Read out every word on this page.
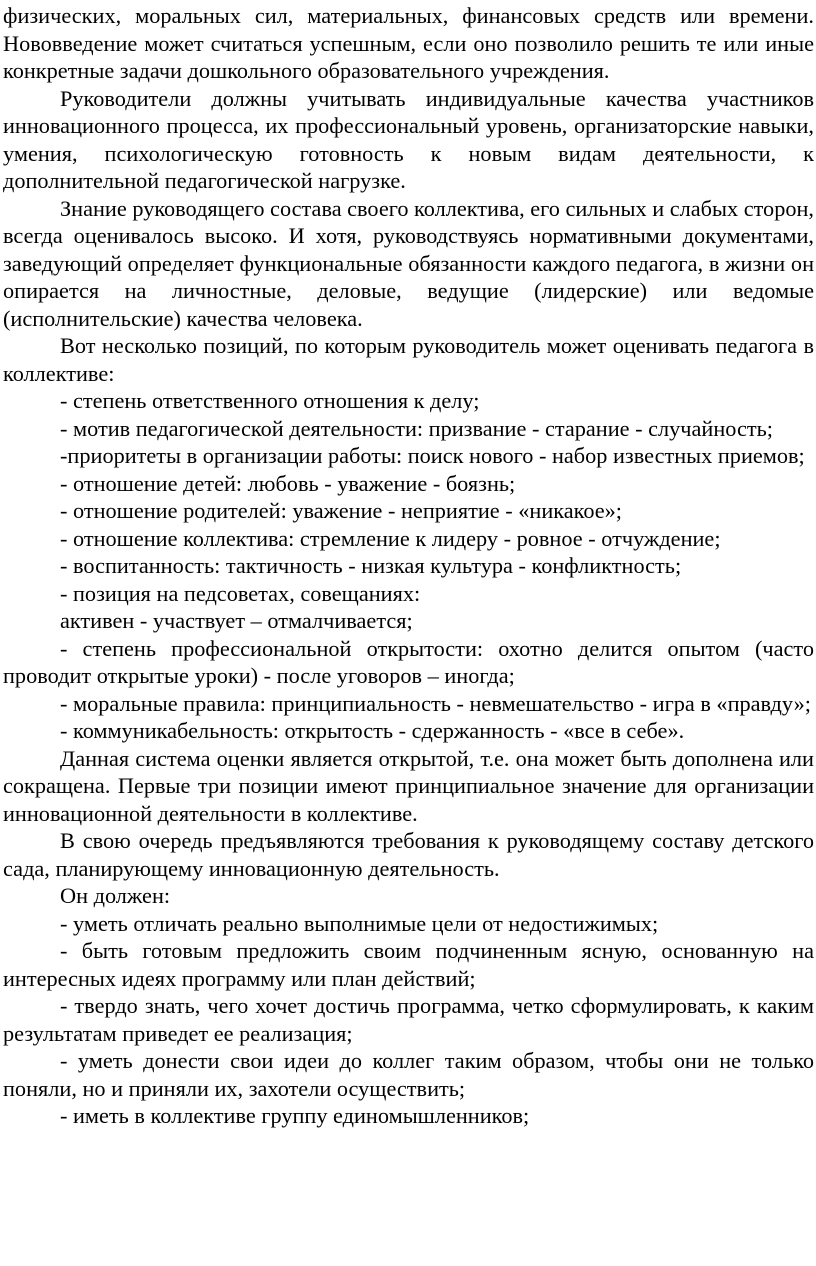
физических, моральных сил, материальных, финансовых средств или времени. Нововведение может считаться успешным, если оно позволило решить те или иные конкретные задачи дошкольного образовательного учреждения.

Руководители должны учитывать индивидуальные качества участников инновационного процесса, их профессиональный уровень, организаторские навыки, умения, психологическую готовность к новым видам деятельности, к дополнительной педагогической нагрузке.

Знание руководящего состава своего коллектива, его сильных и слабых сторон, всегда оценивалось высоко. И хотя, руководствуясь нормативными документами, заведующий определяет функциональные обязанности каждого педагога, в жизни он опирается на личностные, деловые, ведущие (лидерские) или ведомые (исполнительские) качества человека.

Вот несколько позиций, по которым руководитель может оценивать педагога в коллективе:

- степень ответственного отношения к делу;

- мотив педагогической деятельности: призвание - старание - случайность;

-приоритеты в организации работы: поиск нового - набор известных приемов;

- отношение детей: любовь - уважение - боязнь;

- отношение родителей: уважение - неприятие - «никакое»;

- отношение коллектива: стремление к лидеру - ровное - отчуждение;

- воспитанность: тактичность - низкая культура - конфликтность;

- позиция на педсоветах, совещаниях:

активен - участвует – отмалчивается;

- степень профессиональной открытости: охотно делится опытом (часто проводит открытые уроки) - после уговоров – иногда;

- моральные правила: принципиальность - невмешательство - игра в «правду»;

- коммуникабельность: открытость - сдержанность - «все в себе».

Данная система оценки является открытой, т.е. она может быть дополнена или сокращена. Первые три позиции имеют принципиальное значение для организации инновационной деятельности в коллективе.

В свою очередь предъявляются требования к руководящему составу детского сада, планирующему инновационную деятельность.

Он должен:

- уметь отличать реально выполнимые цели от недостижимых;

- быть готовым предложить своим подчиненным ясную, основанную на интересных идеях программу или план действий;

- твердо знать, чего хочет достичь программа, четко сформулировать, к каким результатам приведет ее реализация;

- уметь донести свои идеи до коллег таким образом, чтобы они не только поняли, но и приняли их, захотели осуществить;

- иметь в коллективе группу единомышленников;
